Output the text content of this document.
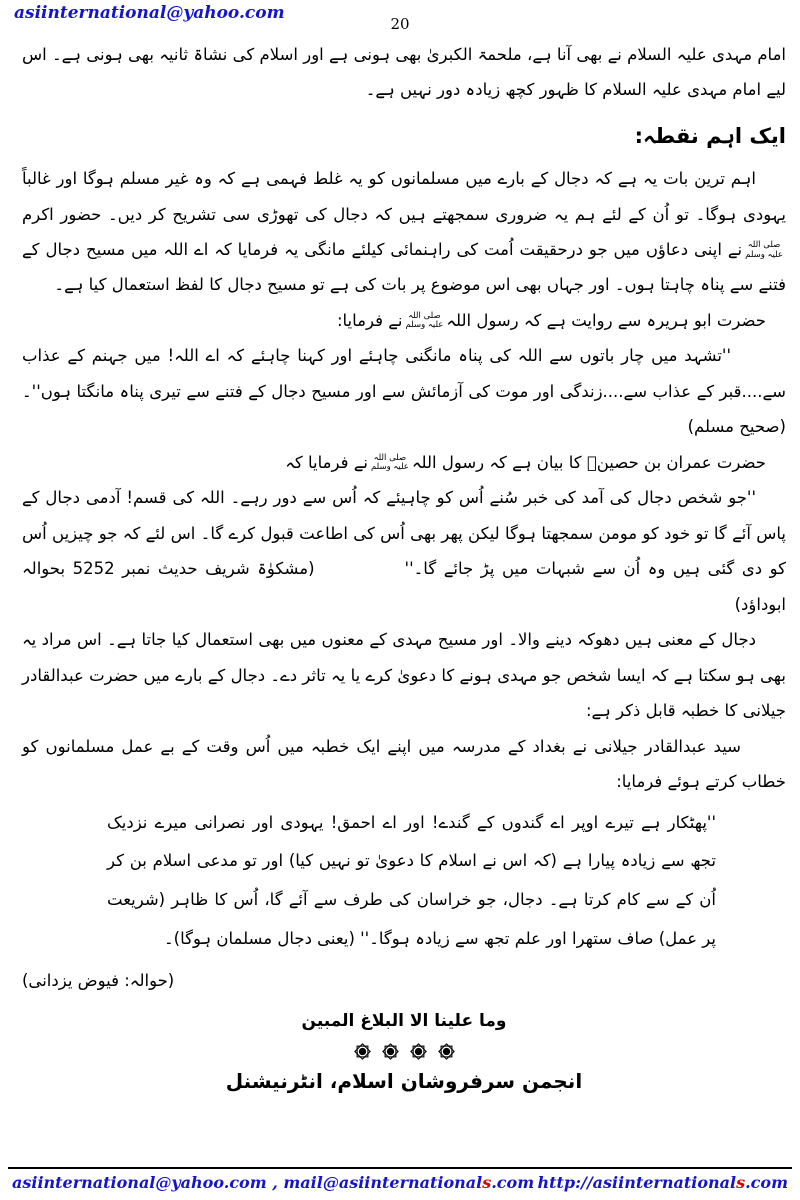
asiinternational@yahoo.com
20

امام مہدی علیہ السلام نے بھی آنا ہے، ملحمۃ الکبریٰ بھی ہونی ہے اور اسلام کی نشاۃ ثانیہ بھی ہونی ہے۔ اس لیے امام مہدی علیہ السلام کا ظہور کچھ زیادہ دور نہیں ہے۔

ایک اہم نقطہ:

اہم ترین بات یہ ہے کہ دجال کے بارے میں مسلمانوں کو یہ غلط فہمی ہے کہ وہ غیر مسلم ہوگا اور غالباً یہودی ہوگا۔ تو اُن کے لئے ہم یہ ضروری سمجھتے ہیں کہ دجال کی تھوڑی سی تشریح کر دیں۔ حضور اکرم
صلی اللہ
علیہ وسلم
نے اپنی دعاؤں میں جو درحقیقت اُمت کی راہنمائی کیلئے مانگی یہ فرمایا کہ اے اللہ میں مسیح دجال کے فتنے سے پناہ چاہتا ہوں۔ اور جہاں بھی اس موضوع پر بات کی ہے تو مسیح دجال کا لفظ استعمال کیا ہے۔

حضرت ابو ہریرہ سے روایت ہے کہ رسول اللہ
صلی اللہ
علیہ وسلم
نے فرمایا:

''تشہد میں چار باتوں سے اللہ کی پناہ مانگنی چاہئے اور کہنا چاہئے کہ اے اللہ! میں جہنم کے عذاب سے....قبر کے عذاب سے....زندگی اور موت کی آزمائش سے اور مسیح دجال کے فتنے سے تیری پناہ مانگتا ہوں''۔ (صحیح مسلم)

حضرت عمران بن حصینؓ کا بیان ہے کہ رسول اللہ
صلی اللہ
علیہ وسلم
نے فرمایا کہ

''جو شخص دجال کی آمد کی خبر سُنے اُس کو چاہیئے کہ اُس سے دور رہے۔ اللہ کی قسم! آدمی دجال کے پاس آئے گا تو خود کو مومن سمجھتا ہوگا لیکن پھر بھی اُس کی اطاعت قبول کرے گا۔ اس لئے کہ جو چیزیں اُس کو دی گئی ہیں وہ اُن سے شبہات میں پڑ جائے گا۔''(مشکوٰۃ شریف حدیث نمبر 5252 بحوالہ ابوداؤد)

دجال کے معنی ہیں دھوکہ دینے والا۔ اور مسیح مہدی کے معنوں میں بھی استعمال کیا جاتا ہے۔ اس مراد یہ بھی ہو سکتا ہے کہ ایسا شخص جو مہدی ہونے کا دعویٰ کرے یا یہ تاثر دے۔ دجال کے بارے میں حضرت عبدالقادر جیلانی کا خطبہ قابل ذکر ہے:

سید عبدالقادر جیلانی نے بغداد کے مدرسہ میں اپنے ایک خطبہ میں اُس وقت کے بے عمل مسلمانوں کو خطاب کرتے ہوئے فرمایا:

''پھٹکار ہے تیرے اوپر اے گندوں کے گندے! اور اے احمق! یہودی اور نصرانی میرے نزدیک تجھ سے زیادہ پیارا ہے (کہ اس نے اسلام کا دعویٰ تو نہیں کیا) اور تو مدعی اسلام بن کر اُن کے سے کام کرتا ہے۔ دجال، جو خراسان کی طرف سے آئے گا، اُس کا ظاہر (شریعت پر عمل) صاف ستھرا اور علم تجھ سے زیادہ ہوگا۔'' (یعنی دجال مسلمان ہوگا)۔

(حوالہ: فیوض یزدانی)

وما علینا الا البلاغ المبین
انجمن سرفروشان اسلام، انٹرنیشنل
asiinternational@yahoo.com , mail@asiinternationals.com http://asiinternationals.com
